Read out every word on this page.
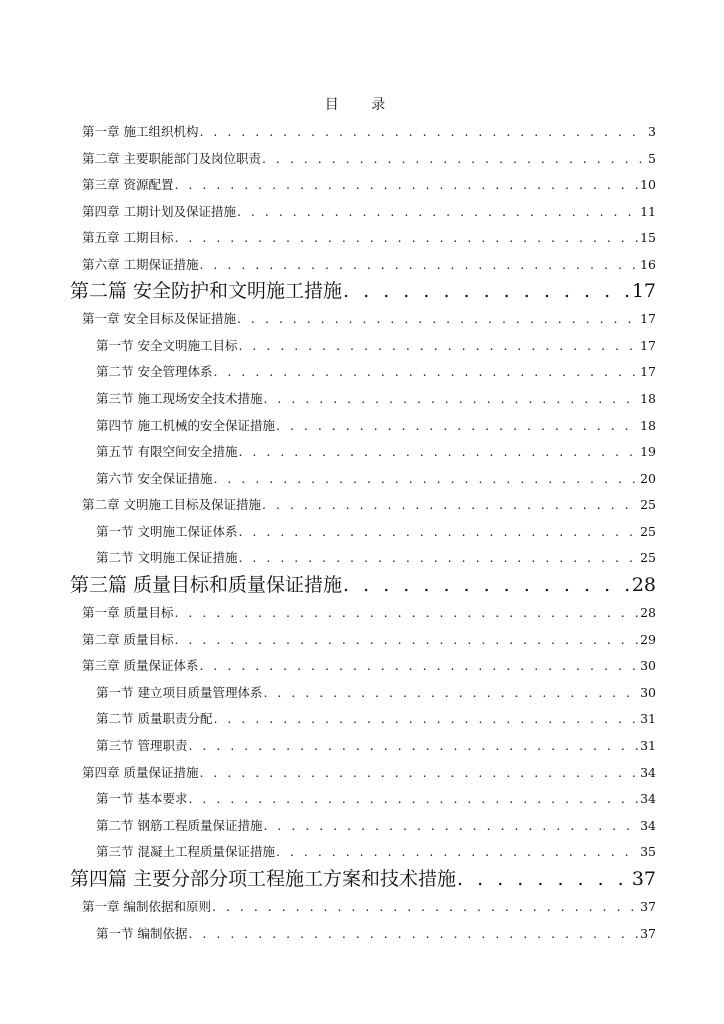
目 录
第一章 施工组织机构 . . .	3
第二章 主要职能部门及岗位职责 . . .	5
第三章 资源配置 . . .	10
第四章 工期计划及保证措施 . . .	11
第五章 工期目标 . . .	15
第六章 工期保证措施 . . .	16
第二篇 安全防护和文明施工措施 . . .	17
第一章 安全目标及保证措施 . . .	17
第一节 安全文明施工目标 . . .	17
第二节 安全管理体系 . . .	17
第三节 施工现场安全技术措施 . . .	18
第四节 施工机械的安全保证措施 . . .	18
第五节 有限空间安全措施 . . .	19
第六节 安全保证措施 . . .	20
第二章 文明施工目标及保证措施 . . .	25
第一节 文明施工保证体系 . . .	25
第二节 文明施工保证措施 . . .	25
第三篇 质量目标和质量保证措施 . . .	28
第一章 质量目标 . . .	28
第二章 质量目标 . . .	29
第三章 质量保证体系 . . .	30
第一节 建立项目质量管理体系 . . .	30
第二节 质量职责分配 . . .	31
第三节 管理职责 . . .	31
第四章 质量保证措施 . . .	34
第一节 基本要求 . . .	34
第二节 钢筋工程质量保证措施 . . .	34
第三节 混凝土工程质量保证措施 . . .	35
第四篇 主要分部分项工程施工方案和技术措施 . . .	37
第一章 编制依据和原则 . . .	37
第一节 编制依据 . . .	37
